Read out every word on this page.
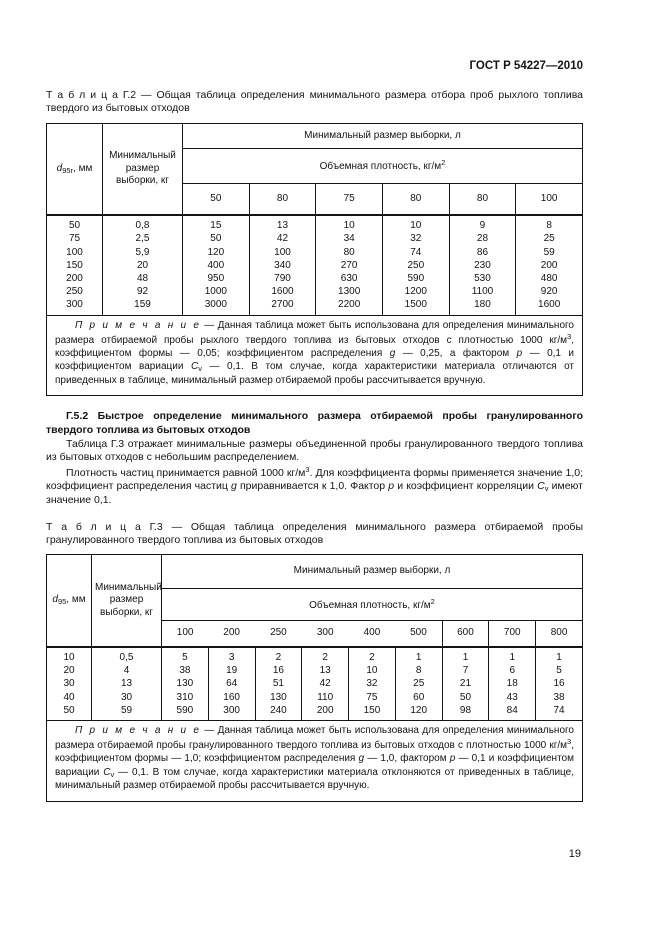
ГОСТ Р 54227—2010

Т а б л и ц а Г.2 — Общая таблица определения минимального размера отбора проб рыхлого топлива твердого из бытовых отходов

$d_{95r}$, мм	Минимальный размер выборки, кг	Минимальный размер выборки, л					
		Объемная плотность, $кг/м^2$
		50	80	75	80	80	100
50	0,8	15	13	10	10	9	8
75	2,5	50	42	34	32	28	25
100	5,9	120	100	80	74	86	59
150	20	400	340	270	250	230	200
200	48	950	790	630	590	530	480
250	92	1000	1600	1300	1200	1100	920
300	159	3000	2700	2200	1500	180	1600

П р и м е ч а н и е — Данная таблица может быть использована для определения минимального размера отбираемой пробы рыхлого твердого топлива из бытовых отходов с плотностью 1000 $кг/м^3$, коэффициентом формы — 0,05; коэффициентом распределения g — 0,25, а фактором p — 0,1 и коэффициентом вариации $C_v$ — 0,1. В том случае, когда характеристики материала отличаются от приведенных в таблице, минимальный размер отбираемой пробы рассчитывается вручную.							

Г.5.2 Быстрое определение минимального размера отбираемой пробы гранулированного твердого топлива из бытовых отходов

Таблица Г.3 отражает минимальные размеры объединенной пробы гранулированного твердого топлива из бытовых отходов с небольшим распределением.

Плотность частиц принимается равной 1000 $кг/м^3$. Для коэффициента формы применяется значение 1,0; коэффициент распределения частиц g приравнивается к 1,0. Фактор p и коэффициент корреляции $C_v$ имеют значение 0,1.

Т а б л и ц а Г.3 — Общая таблица определения минимального размера отбираемой пробы гранулированного твердого топлива из бытовых отходов

$d_{95}$, мм	Минимальный размер выборки, кг	Минимальный размер выборки, л								
		Объемная плотность, $кг/м^2$
		100	200	250	300	400	500	600	700	800
10	0,5	5	3	2	2	2	1	1	1	1
20	4	38	19	16	13	10	8	7	6	5
30	13	130	64	51	42	32	25	21	18	16
40	30	310	160	130	110	75	60	50	43	38
50	59	590	300	240	200	150	120	98	84	74

П р и м е ч а н и е — Данная таблица может быть использована для определения минимального размера отбираемой пробы гранулированного твердого топлива из бытовых отходов с плотностью 1000 $кг/м^3$, коэффициентом формы — 1,0; коэффициентом распределения g — 1,0, фактором p — 0,1 и коэффициентом вариации $C_v$ — 0,1. В том случае, когда характеристики материала отклоняются от приведенных в таблице, минимальный размер отбираемой пробы рассчитывается вручную.										

19
